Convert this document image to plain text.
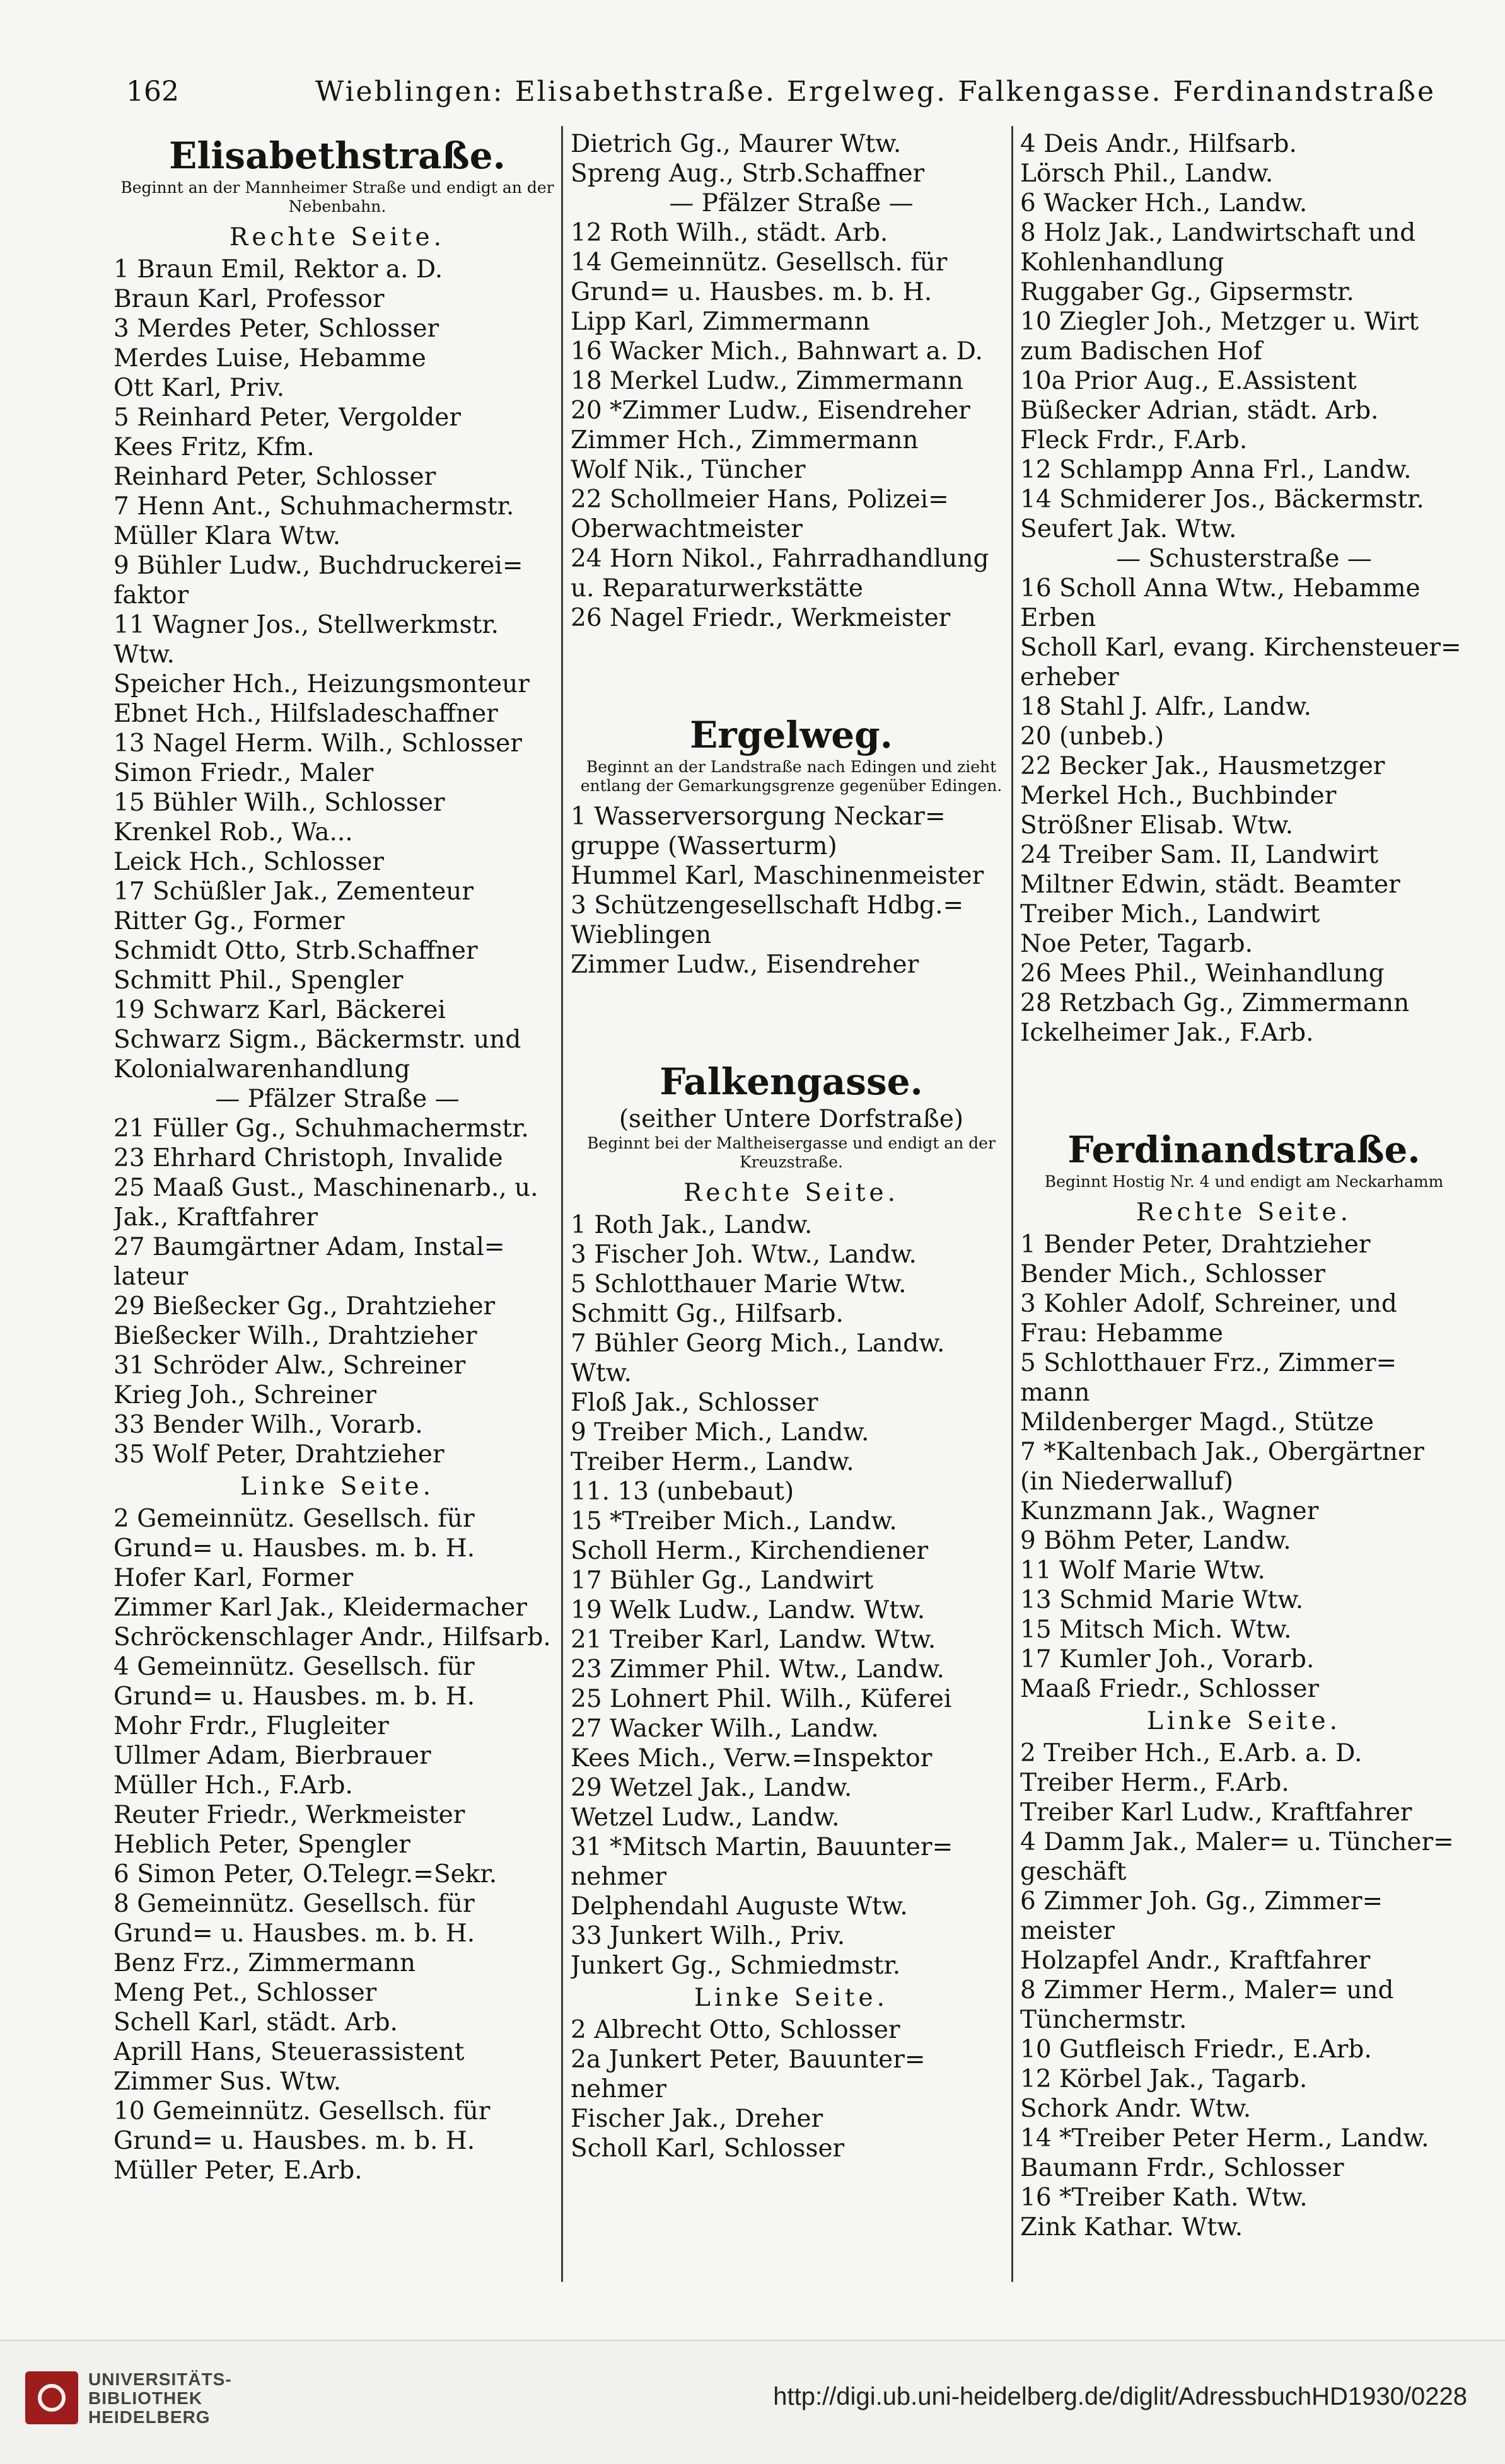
162	Wieblingen: Elisabethstraße. Ergelweg. Falkengasse. Ferdinandstraße
Elisabethstraße.
Beginnt an der Mannheimer Straße und endigt an der Nebenbahn.
Rechte Seite.
1 Braun Emil, Rektor a. D.
Braun Karl, Professor
3 Merdes Peter, Schlosser
Merdes Luise, Hebamme
Ott Karl, Priv.
5 Reinhard Peter, Vergolder
Kees Fritz, Kfm.
Reinhard Peter, Schlosser
7 Henn Ant., Schuhmachermstr.
Müller Klara Wtw.
9 Bühler Ludw., Buchdruckerei=
faktor
11 Wagner Jos., Stellwerkmstr.
Wtw.
Speicher Hch., Heizungsmonteur
Ebnet Hch., Hilfsladeschaffner
13 Nagel Herm. Wilh., Schlosser
Simon Friedr., Maler
15 Bühler Wilh., Schlosser
Krenkel Rob., Wa...
Leick Hch., Schlosser
17 Schüßler Jak., Zementeur
Ritter Gg., Former
Schmidt Otto, Strb.Schaffner
Schmitt Phil., Spengler
19 Schwarz Karl, Bäckerei
Schwarz Sigm., Bäckermstr. und
Kolonialwarenhandlung
— Pfälzer Straße —
21 Füller Gg., Schuhmachermstr.
23 Ehrhard Christoph, Invalide
25 Maaß Gust., Maschinenarb., u.
Jak., Kraftfahrer
27 Baumgärtner Adam, Instal=
lateur
29 Bießecker Gg., Drahtzieher
Bießecker Wilh., Drahtzieher
31 Schröder Alw., Schreiner
Krieg Joh., Schreiner
33 Bender Wilh., Vorarb.
35 Wolf Peter, Drahtzieher
Linke Seite.
2 Gemeinnütz. Gesellsch. für
Grund= u. Hausbes. m. b. H.
Hofer Karl, Former
Zimmer Karl Jak., Kleidermacher
Schröckenschlager Andr., Hilfsarb.
4 Gemeinnütz. Gesellsch. für
Grund= u. Hausbes. m. b. H.
Mohr Frdr., Flugleiter
Ullmer Adam, Bierbrauer
Müller Hch., F.Arb.
Reuter Friedr., Werkmeister
Heblich Peter, Spengler
6 Simon Peter, O.Telegr.=Sekr.
8 Gemeinnütz. Gesellsch. für
Grund= u. Hausbes. m. b. H.
Benz Frz., Zimmermann
Meng Pet., Schlosser
Schell Karl, städt. Arb.
Aprill Hans, Steuerassistent
Zimmer Sus. Wtw.
10 Gemeinnütz. Gesellsch. für
Grund= u. Hausbes. m. b. H.
Müller Peter, E.Arb.
Dietrich Gg., Maurer Wtw.
Spreng Aug., Strb.Schaffner
— Pfälzer Straße —
12 Roth Wilh., städt. Arb.
14 Gemeinnütz. Gesellsch. für
Grund= u. Hausbes. m. b. H.
Lipp Karl, Zimmermann
16 Wacker Mich., Bahnwart a. D.
18 Merkel Ludw., Zimmermann
20 *Zimmer Ludw., Eisendreher
Zimmer Hch., Zimmermann
Wolf Nik., Tüncher
22 Schollmeier Hans, Polizei=
Oberwachtmeister
24 Horn Nikol., Fahrradhandlung
u. Reparaturwerkstätte
26 Nagel Friedr., Werkmeister
Ergelweg.
Beginnt an der Landstraße nach Edingen und zieht entlang der Gemarkungsgrenze gegenüber Edingen.
1 Wasserversorgung Neckar=
gruppe (Wasserturm)
Hummel Karl, Maschinenmeister
3 Schützengesellschaft Hdbg.=
Wieblingen
Zimmer Ludw., Eisendreher
Falkengasse.
(seither Untere Dorfstraße)
Beginnt bei der Maltheisergasse und endigt an der Kreuzstraße.
Rechte Seite.
1 Roth Jak., Landw.
3 Fischer Joh. Wtw., Landw.
5 Schlotthauer Marie Wtw.
Schmitt Gg., Hilfsarb.
7 Bühler Georg Mich., Landw.
Wtw.
Floß Jak., Schlosser
9 Treiber Mich., Landw.
Treiber Herm., Landw.
11. 13 (unbebaut)
15 *Treiber Mich., Landw.
Scholl Herm., Kirchendiener
17 Bühler Gg., Landwirt
19 Welk Ludw., Landw. Wtw.
21 Treiber Karl, Landw. Wtw.
23 Zimmer Phil. Wtw., Landw.
25 Lohnert Phil. Wilh., Küferei
27 Wacker Wilh., Landw.
Kees Mich., Verw.=Inspektor
29 Wetzel Jak., Landw.
Wetzel Ludw., Landw.
31 *Mitsch Martin, Bauunter=
nehmer
Delphendahl Auguste Wtw.
33 Junkert Wilh., Priv.
Junkert Gg., Schmiedmstr.
Linke Seite.
2 Albrecht Otto, Schlosser
2a Junkert Peter, Bauunter=
nehmer
Fischer Jak., Dreher
Scholl Karl, Schlosser
4 Deis Andr., Hilfsarb.
Lörsch Phil., Landw.
6 Wacker Hch., Landw.
8 Holz Jak., Landwirtschaft und
Kohlenhandlung
Ruggaber Gg., Gipsermstr.
10 Ziegler Joh., Metzger u. Wirt
zum Badischen Hof
10a Prior Aug., E.Assistent
Büßecker Adrian, städt. Arb.
Fleck Frdr., F.Arb.
12 Schlampp Anna Frl., Landw.
14 Schmiderer Jos., Bäckermstr.
Seufert Jak. Wtw.
— Schusterstraße —
16 Scholl Anna Wtw., Hebamme
Erben
Scholl Karl, evang. Kirchensteuer=
erheber
18 Stahl J. Alfr., Landw.
20 (unbeb.)
22 Becker Jak., Hausmetzger
Merkel Hch., Buchbinder
Strößner Elisab. Wtw.
24 Treiber Sam. II, Landwirt
Miltner Edwin, städt. Beamter
Treiber Mich., Landwirt
Noe Peter, Tagarb.
26 Mees Phil., Weinhandlung
28 Retzbach Gg., Zimmermann
Ickelheimer Jak., F.Arb.
Ferdinandstraße.
Beginnt Hostig Nr. 4 und endigt am Neckarhamm
Rechte Seite.
1 Bender Peter, Drahtzieher
Bender Mich., Schlosser
3 Kohler Adolf, Schreiner, und
Frau: Hebamme
5 Schlotthauer Frz., Zimmer=
mann
Mildenberger Magd., Stütze
7 *Kaltenbach Jak., Obergärtner
(in Niederwalluf)
Kunzmann Jak., Wagner
9 Böhm Peter, Landw.
11 Wolf Marie Wtw.
13 Schmid Marie Wtw.
15 Mitsch Mich. Wtw.
17 Kumler Joh., Vorarb.
Maaß Friedr., Schlosser
Linke Seite.
2 Treiber Hch., E.Arb. a. D.
Treiber Herm., F.Arb.
Treiber Karl Ludw., Kraftfahrer
4 Damm Jak., Maler= u. Tüncher=
geschäft
6 Zimmer Joh. Gg., Zimmer=
meister
Holzapfel Andr., Kraftfahrer
8 Zimmer Herm., Maler= und
Tünchermstr.
10 Gutfleisch Friedr., E.Arb.
12 Körbel Jak., Tagarb.
Schork Andr. Wtw.
14 *Treiber Peter Herm., Landw.
Baumann Frdr., Schlosser
16 *Treiber Kath. Wtw.
Zink Kathar. Wtw.
UNIVERSITÄTS-
BIBLIOTHEK
HEIDELBERG
http://digi.ub.uni-heidelberg.de/diglit/AdressbuchHD1930/0228
